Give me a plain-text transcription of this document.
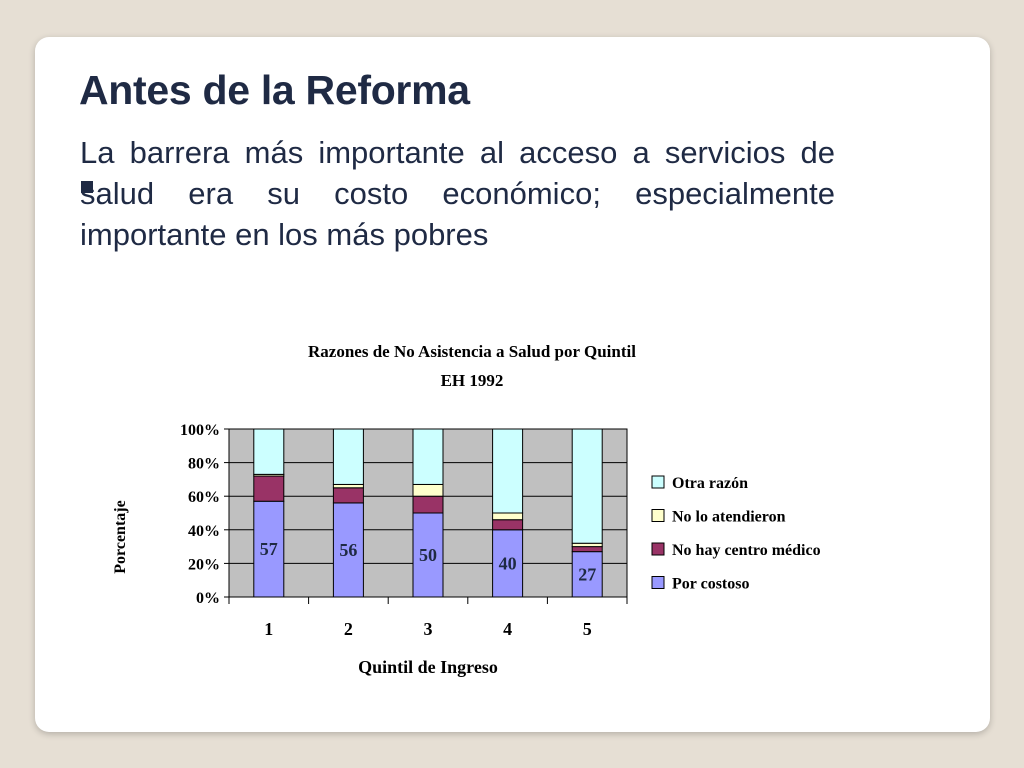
Antes de la Reforma
La barrera más importante al acceso a servicios de salud era su costo económico; especialmente importante en los más pobres
Razones de No Asistencia a Salud por Quintil
EH 1992
Quintil de Ingreso
Porcentaje
0%
20%
40%
60%
80%
100%
57
1
56
2
50
3
40
4
27
5
Otra razón
No lo atendieron
No hay centro médico
Por costoso
